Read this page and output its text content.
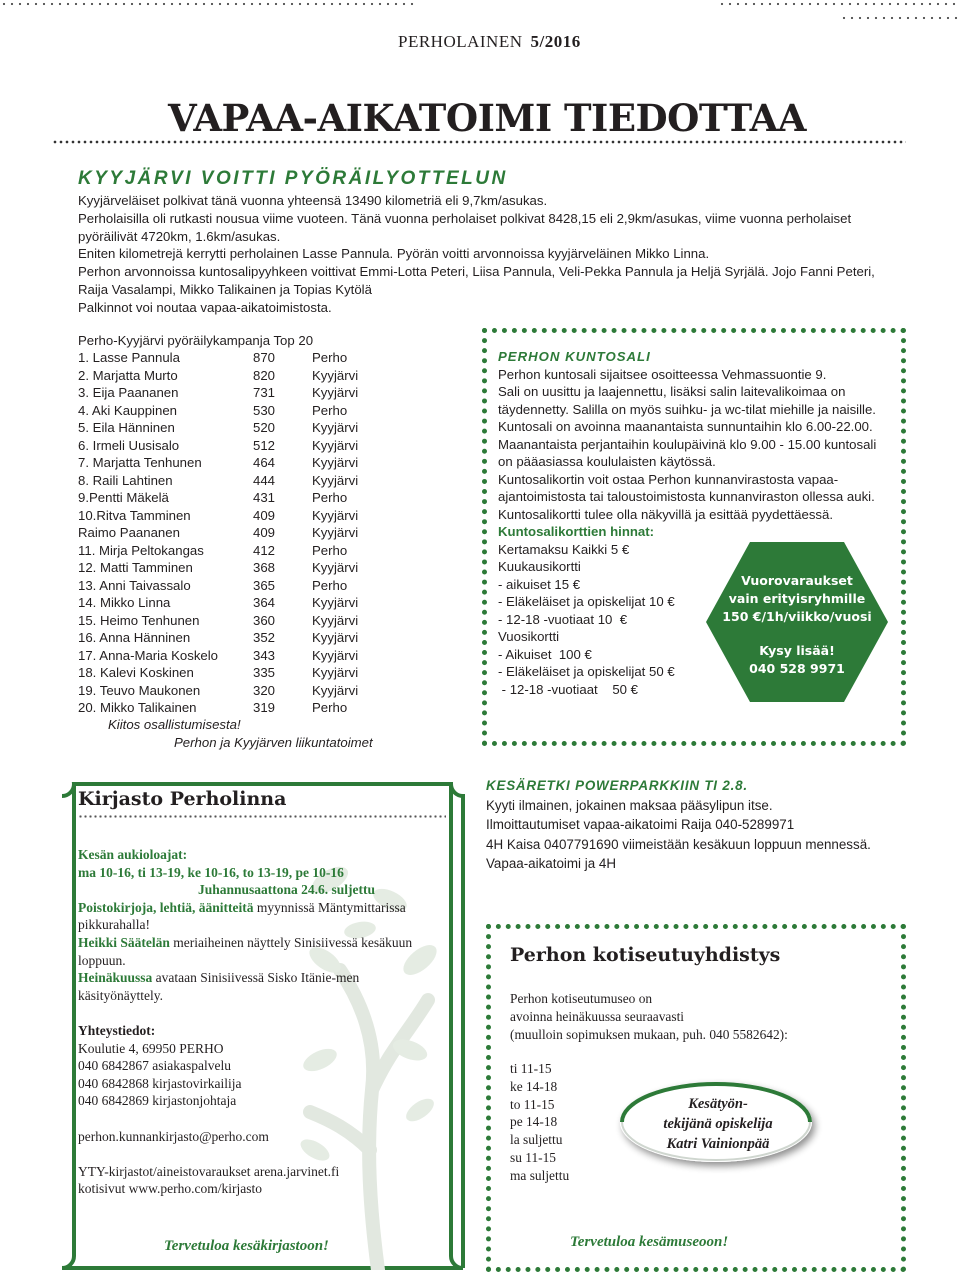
PERHOLAINEN 5/2016
VAPAA-AIKATOIMI TIEDOTTAA
KYYJÄRVI VOITTI PYÖRÄILYOTTELUN

Kyyjärveläiset polkivat tänä vuonna yhteensä 13490 kilometriä eli 9,7km/asukas.

Perholaisilla oli rutkasti nousua viime vuoteen. Tänä vuonna perholaiset polkivat 8428,15 eli 2,9km/asukas, viime vuonna perholaiset pyöräilivät 4720km, 1.6km/asukas.

Eniten kilometrejä kerrytti perholainen Lasse Pannula. Pyörän voitti arvonnoissa kyyjärveläinen Mikko Linna.

Perhon arvonnoissa kuntosalipyyhkeen voittivat Emmi-Lotta Peteri, Liisa Pannula, Veli-Pekka Pannula ja Heljä Syrjälä. Jojo Fanni Peteri, Raija Vasalampi, Mikko Talikainen ja Topias Kytölä

Palkinnot voi noutaa vapaa-aikatoimistosta.

Perho-Kyyjärvi pyöräilykampanja Top 20
1. Lasse Pannula	870	Perho
2. Marjatta Murto	820	Kyyjärvi
3. Eija Paananen	731	Kyyjärvi
4. Aki Kauppinen	530	Perho
5. Eila Hänninen	520	Kyyjärvi
6. Irmeli Uusisalo	512	Kyyjärvi
7. Marjatta Tenhunen	464	Kyyjärvi
8. Raili Lahtinen	444	Kyyjärvi
9.Pentti Mäkelä	431	Perho
10.Ritva Tamminen	409	Kyyjärvi
Raimo Paananen	409	Kyyjärvi
11. Mirja Peltokangas	412	Perho
12. Matti Tamminen	368	Kyyjärvi
13. Anni Taivassalo	365	Perho
14. Mikko Linna	364	Kyyjärvi
15. Heimo Tenhunen	360	Kyyjärvi
16. Anna Hänninen	352	Kyyjärvi
17. Anna-Maria Koskelo	343	Kyyjärvi
18. Kalevi Koskinen	335	Kyyjärvi
19. Teuvo Maukonen	320	Kyyjärvi
20. Mikko Talikainen	319	Perho
Kiitos osallistumisesta!
Perhon ja Kyyjärven liikuntatoimet

PERHON KUNTOSALI

Perhon kuntosali sijaitsee osoitteessa Vehmassuontie 9.

Sali on uusittu ja laajennettu, lisäksi salin laitevalikoimaa on täydennetty. Salilla on myös suihku- ja wc-tilat miehille ja naisille.

Kuntosali on avoinna maanantaista sunnuntaihin klo 6.00-22.00. Maanantaista perjantaihin koulupäivinä klo 9.00 - 15.00 kuntosali on pääasiassa koululaisten käytössä.

Kuntosalikortin voit ostaa Perhon kunnanvirastosta vapaa-ajantoimistosta tai taloustoimistosta kunnanviraston ollessa auki. Kuntosalikortti tulee olla näkyvillä ja esittää pyydettäessä.

Kuntosalikorttien hinnat:

Kertamaksu Kaikki 5 €

Kuukausikortti

- aikuiset 15 €

- Eläkeläiset ja opiskelijat 10 €

- 12-18 -vuotiaat 10  €

Vuosikortti

- Aikuiset  100 €

- Eläkeläiset ja opiskelijat 50 €

- 12-18 -vuotiaat    50 €

Vuorovaraukset
vain erityisryhmille
150 €/1h/viikko/vuosi
Kysy lisää!
040 528 9971
Kirjasto Perholinna

Kesän aukioloajat:

ma 10-16, ti 13-19, ke 10-16, to 13-19, pe 10-16

Juhannusaattona 24.6. suljettu

Poistokirjoja, lehtiä, äänitteitä myynnissä Mäntymittarissa pikkurahalla!

Heikki Säätelän meriaiheinen näyttely Sinisiivessä kesäkuun loppuun.

Heinäkuussa avataan Sinisiivessä Sisko Itänie-men käsityönäyttely.

Yhteystiedot:

Koulutie 4, 69950 PERHO

040 6842867 asiakaspalvelu

040 6842868 kirjastovirkailija

040 6842869 kirjastonjohtaja

perhon.kunnankirjasto@perho.com

YTY-kirjastot/aineistovaraukset arena.jarvinet.fi

kotisivut www.perho.com/kirjasto

Tervetuloa kesäkirjastoon!

KESÄRETKI POWERPARKKIIN TI 2.8.

Kyyti ilmainen, jokainen maksaa pääsylipun itse.

Ilmoittautumiset vapaa-aikatoimi Raija 040-5289971

4H Kaisa 0407791690 viimeistään kesäkuun loppuun mennessä.

Vapaa-aikatoimi ja 4H

Perhon kotiseutuyhdistys

Perhon kotiseutumuseo on

avoinna heinäkuussa seuraavasti

(muulloin sopimuksen mukaan, puh. 040 5582642):

ti 11-15
ke 14-18
to 11-15
pe 14-18
la suljettu
su 11-15
ma suljettu
Kesätyön-
tekijänä opiskelija
Katri Vainionpää
Tervetuloa kesämuseoon!
